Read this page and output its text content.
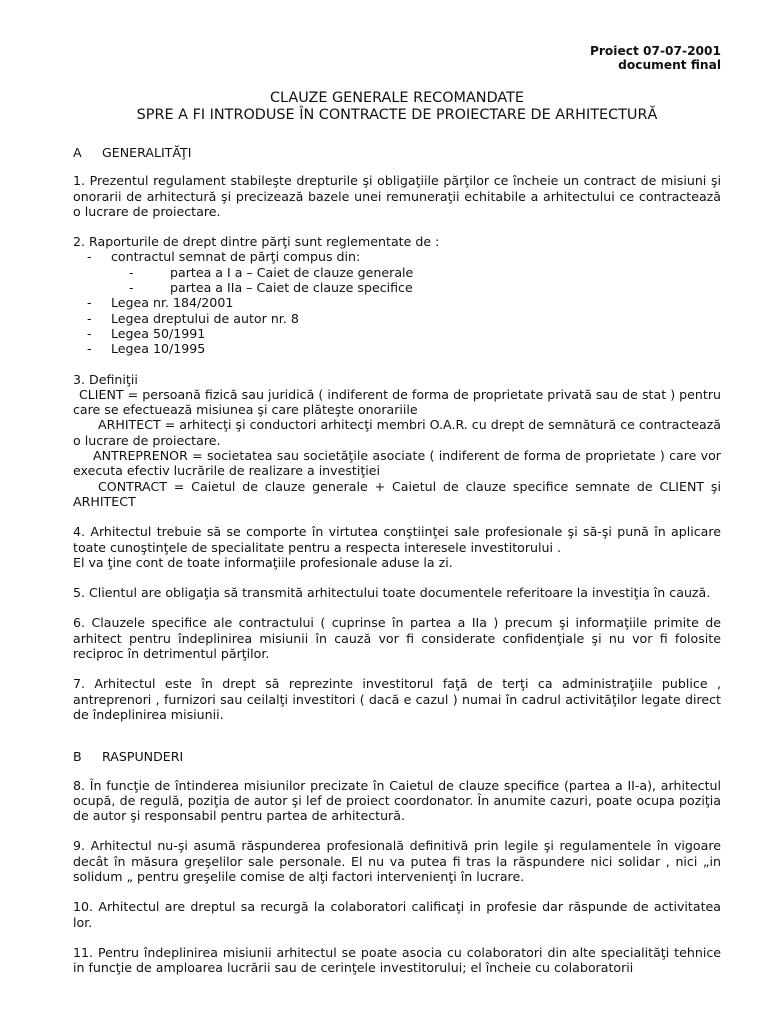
Proiect 07-07-2001
document final
CLAUZE GENERALE RECOMANDATE
SPRE A FI INTRODUSE ÎN CONTRACTE DE PROIECTARE DE ARHITECTURĂ
A GENERALITĂŢI

1. Prezentul regulament stabileşte drepturile şi obligaţiile părţilor ce încheie un contract de misiuni şi onorarii de arhitectură şi precizează bazele unei remuneraţii echitabile a arhitectului ce contractează o lucrare de proiectare.

2. Raporturile de drept dintre părţi sunt reglementate de :

- contractul semnat de părţi compus din:
- partea a I a – Caiet de clauze generale
- partea a IIa – Caiet de clauze specifice
- Legea nr. 184/2001
- Legea dreptului de autor nr. 8
- Legea 50/1991
- Legea 10/1995

3. Definiţii

CLIENT = persoană fizică sau juridică ( indiferent de forma de proprietate privată sau de stat ) pentru care se efectuează misiunea şi care plăteşte onorariile

ARHITECT = arhitecţi şi conductori arhitecţi membri O.A.R. cu drept de semnătură ce contractează o lucrare de proiectare.

ANTREPRENOR = societatea sau societăţile asociate ( indiferent de forma de proprietate ) care vor executa efectiv lucrările de realizare a investiţiei

CONTRACT = Caietul de clauze generale + Caietul de clauze specifice semnate de CLIENT şi ARHITECT

4. Arhitectul trebuie să se comporte în virtutea conştiinţei sale profesionale şi să-şi pună în aplicare toate cunoştinţele de specialitate pentru a respecta interesele investitorului .

El va ţine cont de toate informaţiile profesionale aduse la zi.

5. Clientul are obligaţia să transmită arhitectului toate documentele referitoare la investiţia în cauză.

6. Clauzele specifice ale contractului ( cuprinse în partea a IIa ) precum şi informaţiile primite de arhitect pentru îndeplinirea misiunii în cauză vor fi considerate confidenţiale şi nu vor fi folosite reciproc în detrimentul părţilor.

7. Arhitectul este în drept să reprezinte investitorul faţă de terţi ca administraţiile publice , antreprenori , furnizori sau ceilalţi investitori ( dacă e cazul ) numai în cadrul activităţilor legate direct de îndeplinirea misiunii.

B RASPUNDERI

8. În funcţie de întinderea misiunilor precizate în Caietul de clauze specifice (partea a II-a), arhitectul ocupă, de regulă, poziţia de autor şi lef de proiect coordonator. În anumite cazuri, poate ocupa poziţia de autor şi responsabil pentru partea de arhitectură.

9. Arhitectul nu-şi asumă răspunderea profesională definitivă prin legile şi regulamentele în vigoare decât în măsura greşelilor sale personale. El nu va putea fi tras la răspundere nici solidar , nici „in solidum „ pentru greşelile comise de alţi factori intervenienţi în lucrare.

10. Arhitectul are dreptul sa recurgă la colaboratori calificaţi in profesie dar răspunde de activitatea lor.

11. Pentru îndeplinirea misiunii arhitectul se poate asocia cu colaboratori din alte specialităţi tehnice in funcţie de amploarea lucrării sau de cerinţele investitorului; el încheie cu colaboratorii
